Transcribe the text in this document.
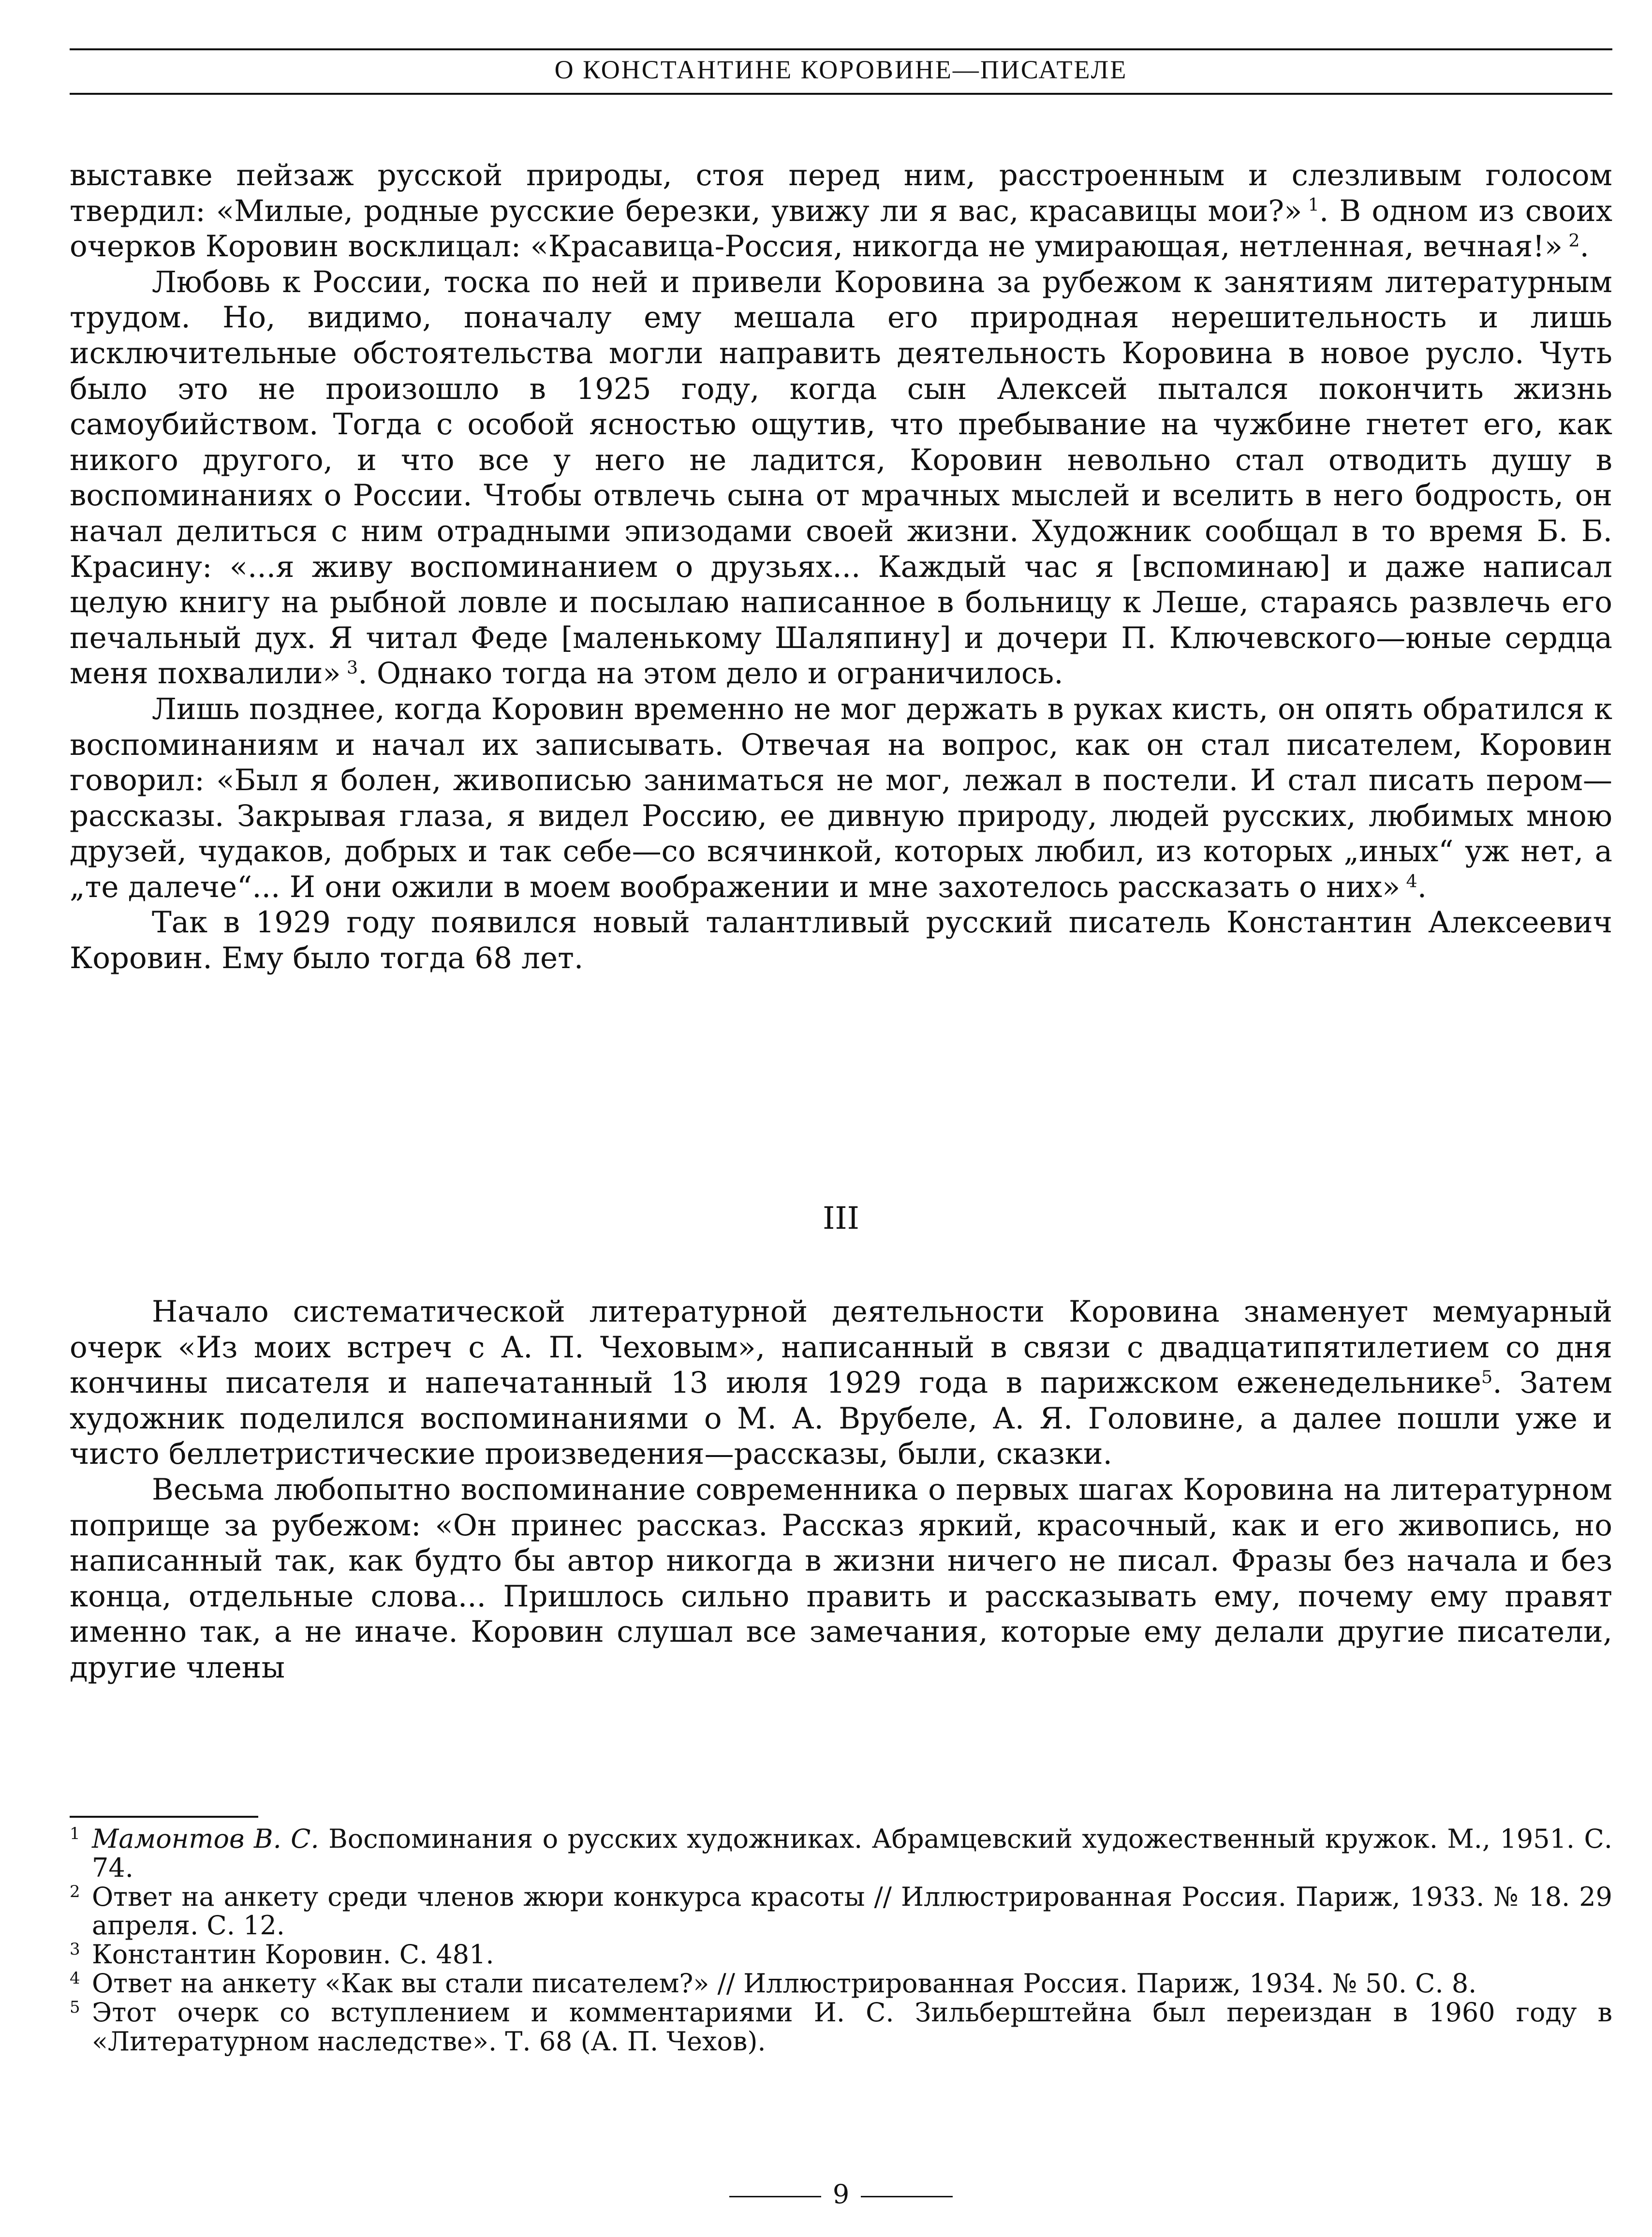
О КОНСТАНТИНЕ КОРОВИНЕ—ПИСАТЕЛЕ

выставке пейзаж русской природы, стоя перед ним, расстроенным и слезливым голосом твердил: «Милые, родные русские березки, увижу ли я вас, красавицы мои?»  $^1$. В одном из своих очерков Коровин восклицал: «Красавица-Россия, никогда не умирающая, нетленная, вечная!»  $^2$.

Любовь к России, тоска по ней и привели Коровина за рубежом к занятиям литературным трудом. Но, видимо, поначалу ему мешала его природная нерешительность и лишь исключительные обстоятельства могли направить деятельность Коровина в новое русло. Чуть было это не произошло в 1925 году, когда сын Алексей пытался покончить жизнь самоубийством. Тогда с особой ясностью ощутив, что пребывание на чужбине гнетет его, как никого другого, и что все у него не ладится, Коровин невольно стал отводить душу в воспоминаниях о России. Чтобы отвлечь сына от мрачных мыслей и вселить в него бодрость, он начал делиться с ним отрадными эпизодами своей жизни. Художник сообщал в то время Б. Б. Красину: «...я живу воспоминанием о друзьях... Каждый час я [вспоминаю] и даже написал целую книгу на рыбной ловле и посылаю написанное в больницу к Леше, стараясь развлечь его печальный дух. Я читал Феде [маленькому Шаляпину] и дочери П. Ключевского—юные сердца меня похвалили»  $^3$. Однако тогда на этом дело и ограничилось.

Лишь позднее, когда Коровин временно не мог держать в руках кисть, он опять обратился к воспоминаниям и начал их записывать. Отвечая на вопрос, как он стал писателем, Коровин говорил: «Был я болен, живописью заниматься не мог, лежал в постели. И стал писать пером—рассказы. Закрывая глаза, я видел Россию, ее дивную природу, людей русских, любимых мною друзей, чудаков, добрых и так себе—со всячинкой, которых любил, из которых „иных“ уж нет, а „те далече“... И они ожили в моем воображении и мне захотелось рассказать о них»  $^4$.

Так в 1929 году появился новый талантливый русский писатель Константин Алексеевич Коровин. Ему было тогда 68 лет.

III

Начало систематической литературной деятельности Коровина знаменует мемуарный очерк «Из моих встреч с А. П. Чеховым», написанный в связи с двадцатипятилетием со дня кончины писателя и напечатанный 13 июля 1929 года в парижском еженедельнике$^5$. Затем художник поделился воспоминаниями о М. А. Врубеле, А. Я. Головине, а далее пошли уже и чисто беллетристические произведения—рассказы, были, сказки.

Весьма любопытно воспоминание современника о первых шагах Коровина на литературном поприще за рубежом: «Он принес рассказ. Рассказ яркий, красочный, как и его живопись, но написанный так, как будто бы автор никогда в жизни ничего не писал. Фразы без начала и без конца, отдельные слова... Пришлось сильно править и рассказывать ему, почему ему правят именно так, а не иначе. Коровин слушал все замечания, которые ему делали другие писатели, другие члены

1 Мамонтов В. С. Воспоминания о русских художниках. Абрамцевский художественный кружок. М., 1951. С. 74.
2 Ответ на анкету среди членов жюри конкурса красоты // Иллюстрированная Россия. Париж, 1933. № 18. 29 апреля. С. 12.
3 Константин Коровин. С. 481.
4 Ответ на анкету «Как вы стали писателем?» // Иллюстрированная Россия. Париж, 1934. № 50. С. 8.
5 Этот очерк со вступлением и комментариями И. С. Зильберштейна был переиздан в 1960 году в «Литературном наследстве». Т. 68 (А. П. Чехов).
9
